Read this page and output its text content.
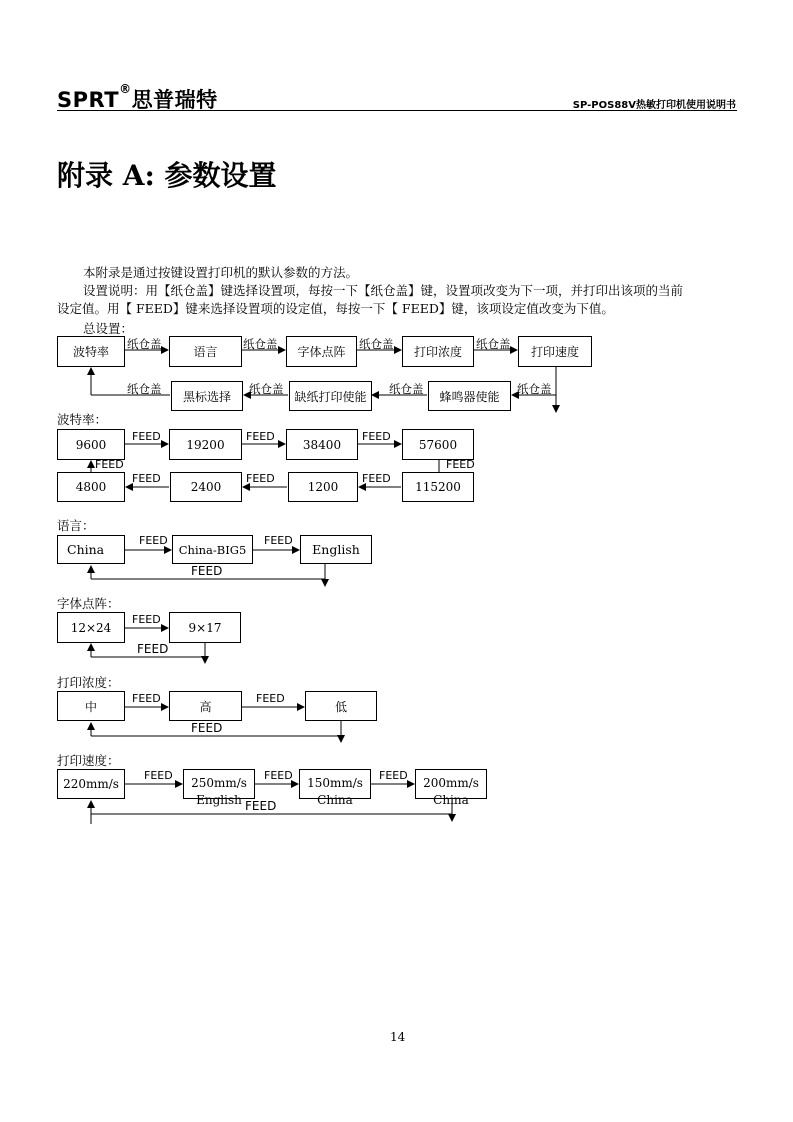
SPRT®思普瑞特	SP-POS88Ⅴ热敏打印机使用说明书
附录 A: 参数设置
本附录是通过按键设置打印机的默认参数的方法。
设置说明：用【纸仓盖】键选择设置项，每按一下【纸仓盖】键，设置项改变为下一项，并打印出该项的当前
设定值。用【 FEED】键来选择设置项的设定值，每按一下【 FEED】键，该项设定值改变为下值。
总设置：
波特率	语言	字体点阵	打印浓度	打印速度
纸仓盖	纸仓盖	纸仓盖	纸仓盖
黑标选择	缺纸打印使能	蜂鸣器使能
纸仓盖
纸仓盖
纸仓盖
纸仓盖
波特率：
9600	19200	38400	57600
FEED	FEED	FEED
FEED
FEED
4800	2400	1200	115200
FEED	FEED	FEED
语言：
China	China-BIG5	English
FEED	FEED
FEED
字体点阵：
12×24	9×17
FEED
FEED
打印浓度：
中	高	低
FEED	FEED
FEED
打印速度：
220mm/s	250mm/s
English
150mm/s
China
200mm/s
China
FEED	FEED	FEED
FEED
14
